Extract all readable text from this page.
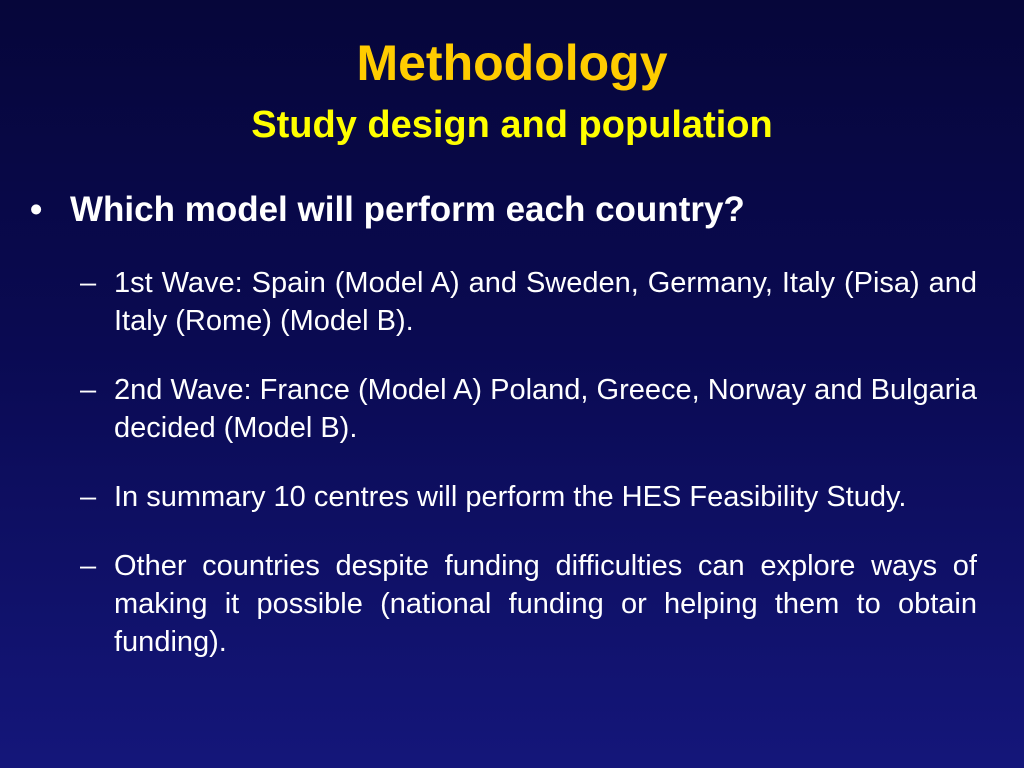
Methodology
Study design and population
• Which model will perform each country?

– 1st Wave: Spain (Model A) and Sweden, Germany, Italy (Pisa) and Italy (Rome) (Model B).

– 2nd Wave: France (Model A) Poland, Greece, Norway and Bulgaria decided (Model B).

– In summary 10 centres will perform the HES Feasibility Study.

– Other countries despite funding difficulties can explore ways of making it possible (national funding or helping them to obtain funding).
